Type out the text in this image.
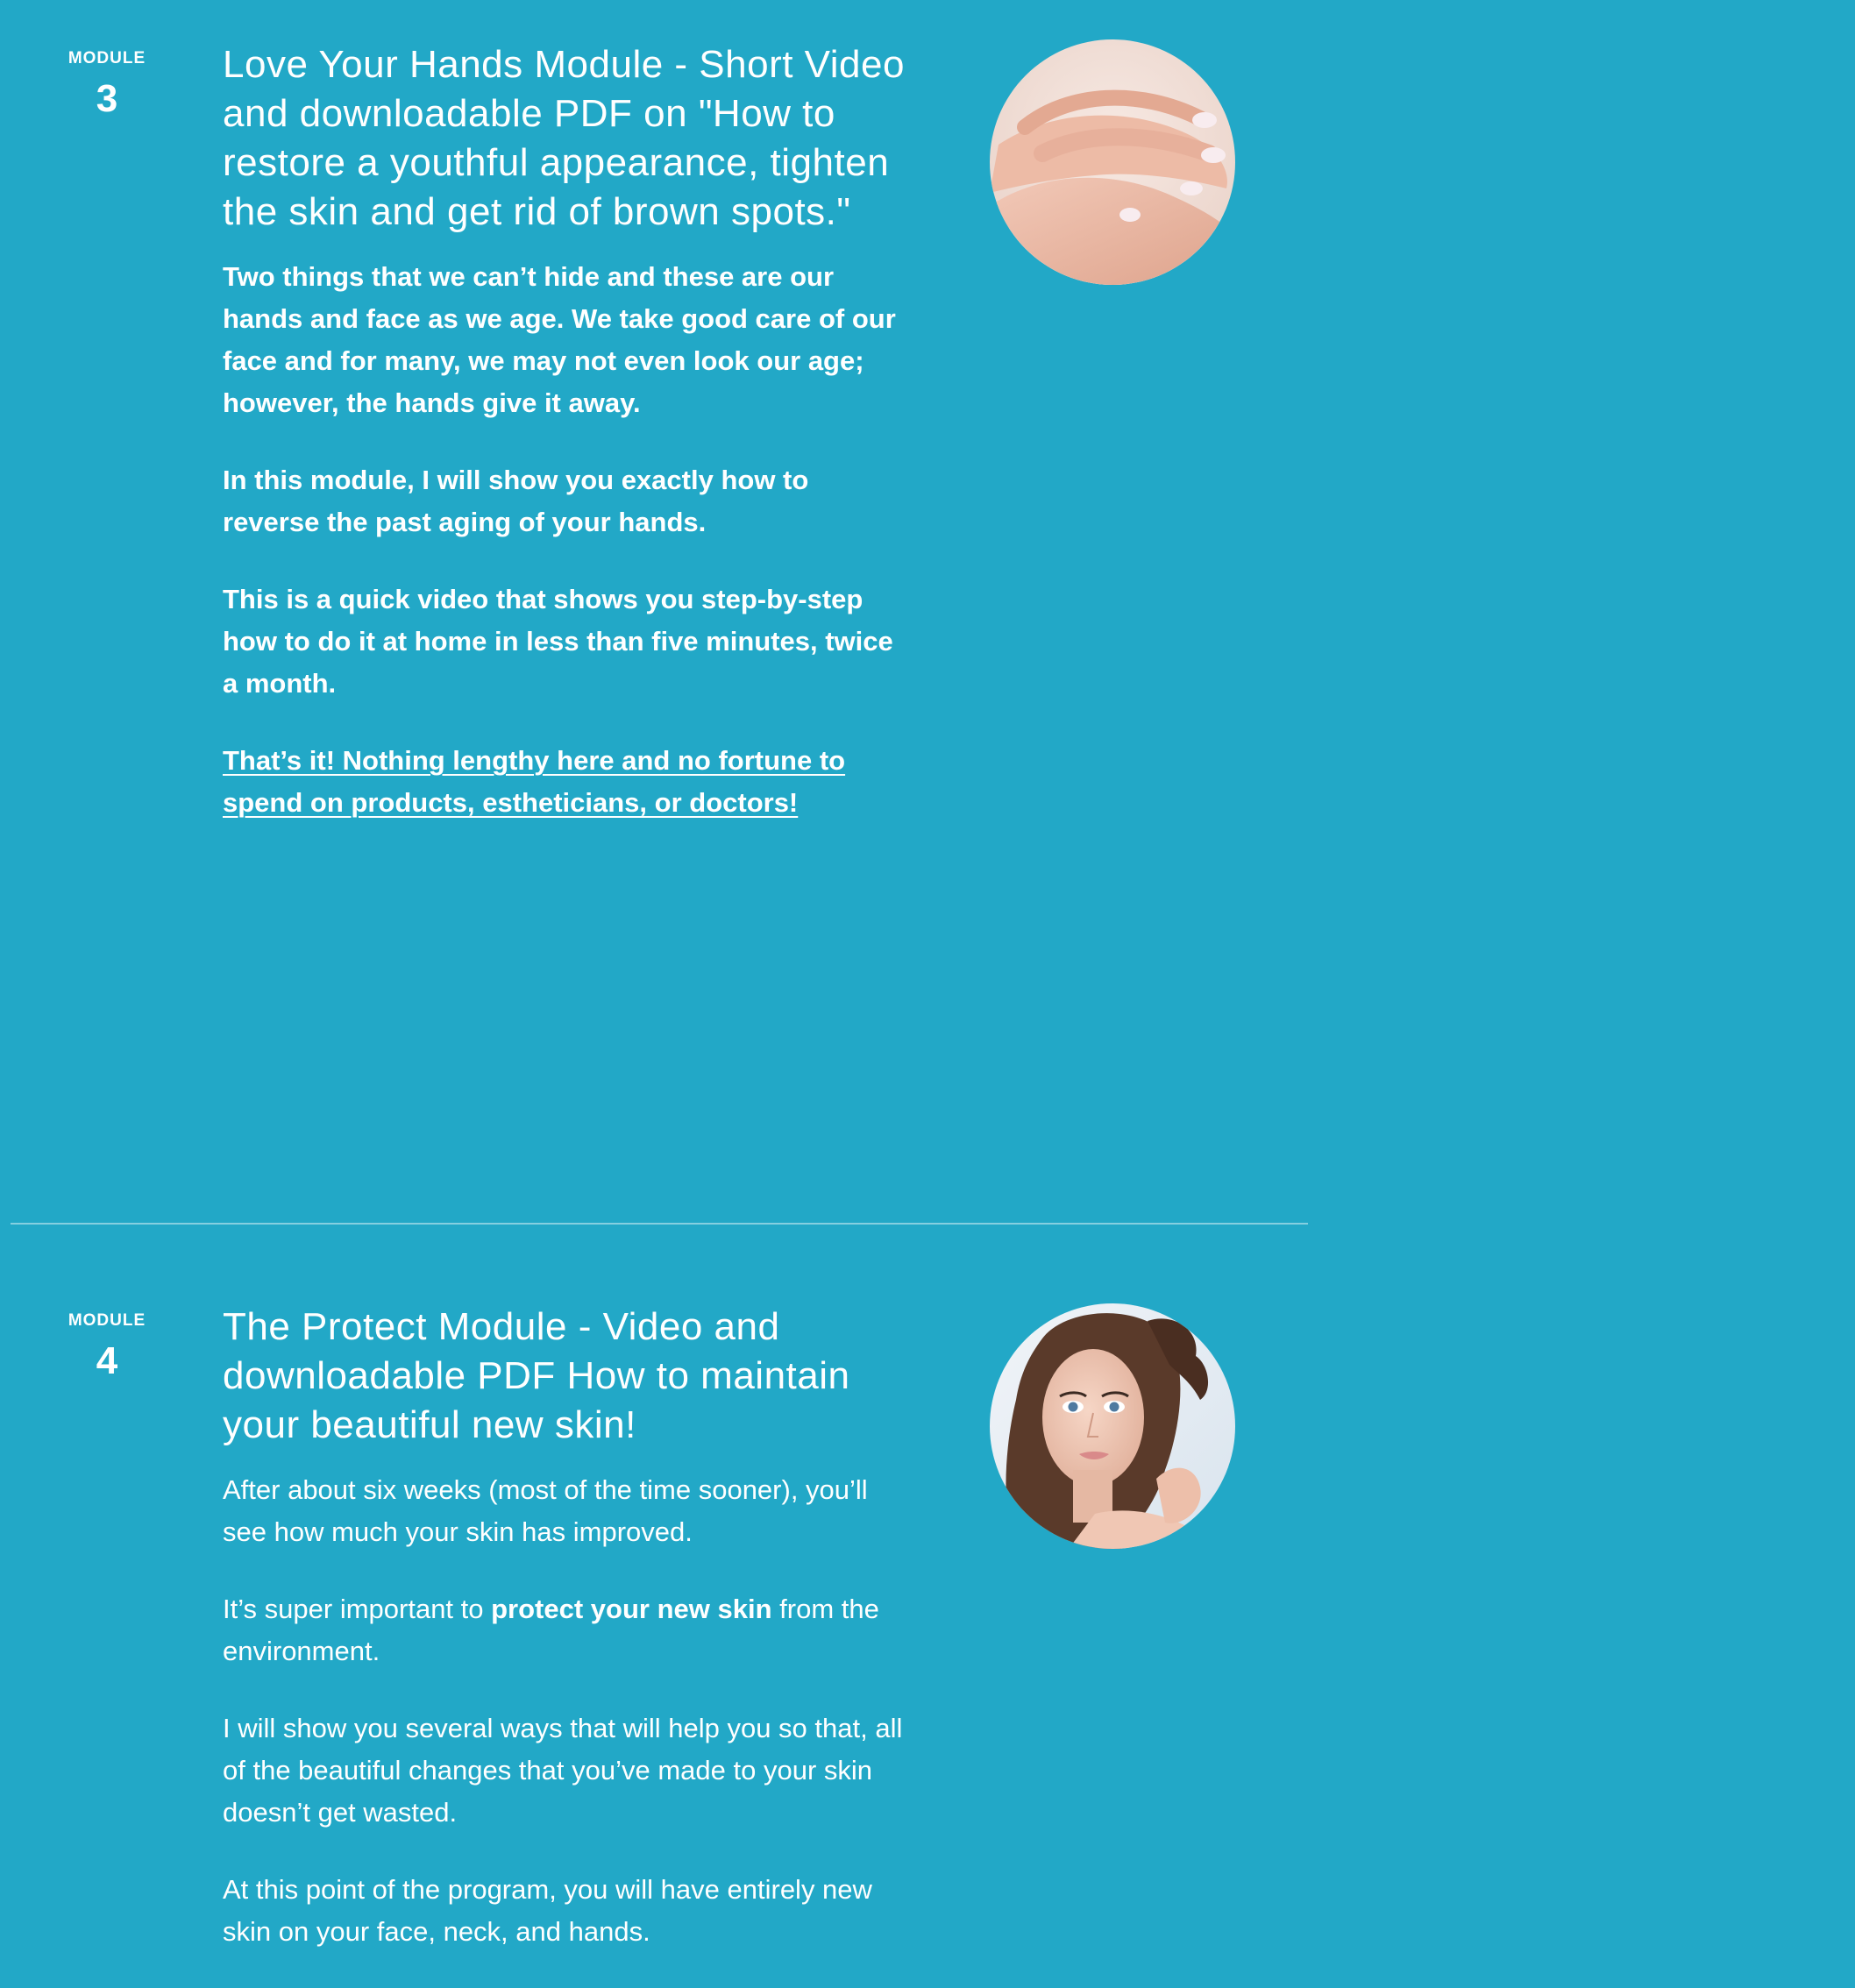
MODULE
3
Love Your Hands Module - Short Video and downloadable PDF on "How to restore a youthful appearance, tighten the skin and get rid of brown spots."

Two things that we can’t hide and these are our hands and face as we age. We take good care of our face and for many, we may not even look our age; however, the hands give it away.

In this module, I will show you exactly how to reverse the past aging of your hands.

This is a quick video that shows you step-by-step how to do it at home in less than five minutes, twice a month.

That’s it! Nothing lengthy here and no fortune to spend on products, estheticians, or doctors!

MODULE
4
The Protect Module - Video and downloadable PDF How to maintain your beautiful new skin!

After about six weeks (most of the time sooner), you’ll see how much your skin has improved.

It’s super important to protect your new skin from the environment.

I will show you several ways that will help you so that, all of the beautiful changes that you’ve made to your skin doesn’t get wasted.

At this point of the program, you will have entirely new skin on your face, neck, and hands.
